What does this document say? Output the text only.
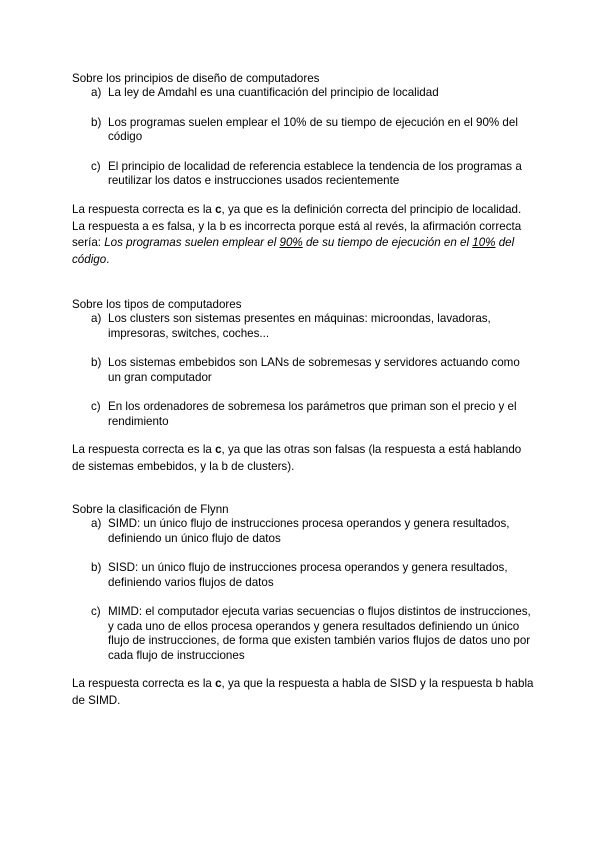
Sobre los principios de diseño de computadores

a) La ley de Amdahl es una cuantificación del principio de localidad
b) Los programas suelen emplear el 10% de su tiempo de ejecución en el 90% del código
c) El principio de localidad de referencia establece la tendencia de los programas a reutilizar los datos e instrucciones usados recientemente

La respuesta correcta es la c, ya que es la definición correcta del principio de localidad. La respuesta a es falsa, y la b es incorrecta porque está al revés, la afirmación correcta sería: Los programas suelen emplear el 90% de su tiempo de ejecución en el 10% del código.

Sobre los tipos de computadores

a) Los clusters son sistemas presentes en máquinas: microondas, lavadoras, impresoras, switches, coches...
b) Los sistemas embebidos son LANs de sobremesas y servidores actuando como un gran computador
c) En los ordenadores de sobremesa los parámetros que priman son el precio y el rendimiento

La respuesta correcta es la c, ya que las otras son falsas (la respuesta a está hablando de sistemas embebidos, y la b de clusters).

Sobre la clasificación de Flynn

a) SIMD: un único flujo de instrucciones procesa operandos y genera resultados, definiendo un único flujo de datos
b) SISD: un único flujo de instrucciones procesa operandos y genera resultados, definiendo varios flujos de datos
c) MIMD: el computador ejecuta varias secuencias o flujos distintos de instrucciones, y cada uno de ellos procesa operandos y genera resultados definiendo un único flujo de instrucciones, de forma que existen también varios flujos de datos uno por cada flujo de instrucciones

La respuesta correcta es la c, ya que la respuesta a habla de SISD y la respuesta b habla de SIMD.
